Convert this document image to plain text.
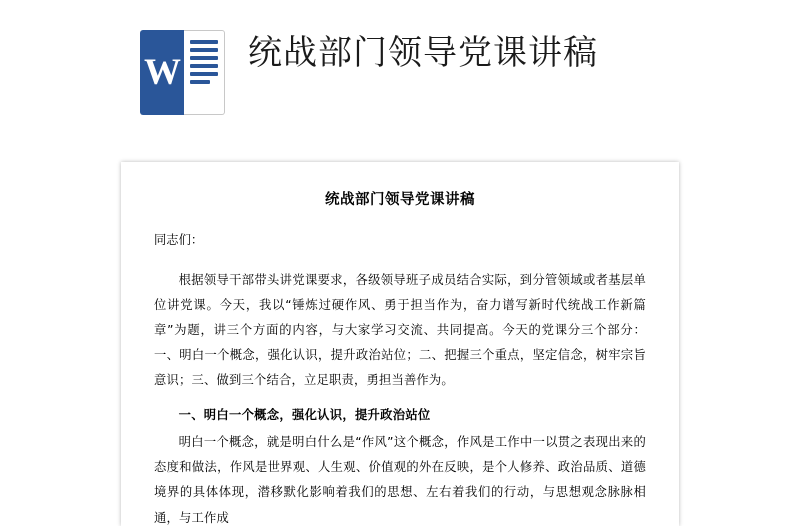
W 统战部门领导党课讲稿
统战部门领导党课讲稿
同志们：

根据领导干部带头讲党课要求，各级领导班子成员结合实际，到分管领域或者基层单位讲党课。今天，我以“锤炼过硬作风、勇于担当作为，奋力谱写新时代统战工作新篇章”为题，讲三个方面的内容，与大家学习交流、共同提高。今天的党课分三个部分：一、明白一个概念，强化认识，提升政治站位；二、把握三个重点，坚定信念，树牢宗旨意识；三、做到三个结合，立足职责，勇担当善作为。

一、明白一个概念，强化认识，提升政治站位

明白一个概念，就是明白什么是“作风”这个概念，作风是工作中一以贯之表现出来的态度和做法，作风是世界观、人生观、价值观的外在反映，是个人修养、政治品质、道德境界的具体体现，潜移默化影响着我们的思想、左右着我们的行动，与思想观念脉脉相通，与工作成
